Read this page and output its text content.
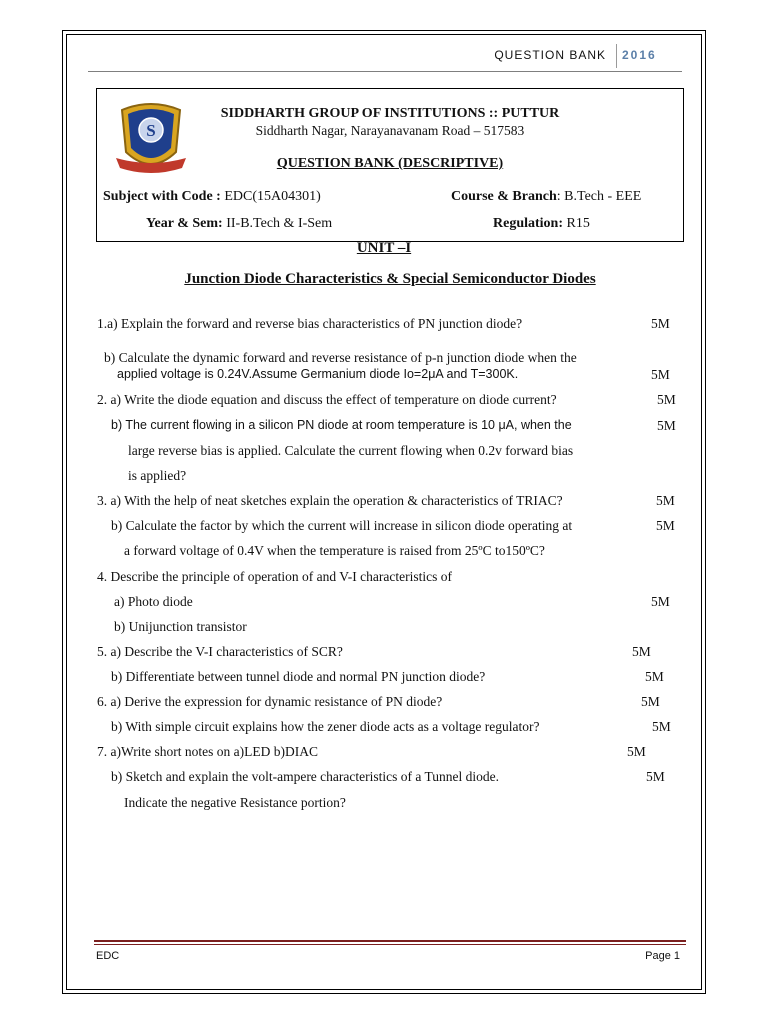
QUESTION BANK 2016
S
SIDDHARTH GROUP OF INSTITUTIONS :: PUTTUR
Siddharth Nagar, Narayanavanam Road – 517583
QUESTION BANK (DESCRIPTIVE)
Subject with Code : EDC(15A04301)	Course & Branch: B.Tech - EEE
Year & Sem: II-B.Tech & I-Sem	Regulation: R15
UNIT –I
Junction Diode Characteristics & Special Semiconductor Diodes
1.a) Explain the forward and reverse bias characteristics of PN junction diode?	5M
b) Calculate the dynamic forward and reverse resistance of p-n junction diode when the
applied voltage is 0.24V.Assume Germanium diode Io=2μA and T=300K.	5M
2. a) Write the diode equation and discuss the effect of temperature on diode current?	5M
b) The current flowing in a silicon PN diode at room temperature is 10 μA, when the	5M
large reverse bias is applied. Calculate the current flowing when 0.2v forward bias
is applied?
3. a) With the help of neat sketches explain the operation & characteristics of TRIAC?	5M
b) Calculate the factor by which the current will increase in silicon diode operating at	5M
a forward voltage of 0.4V when the temperature is raised from 25ºC to150ºC?
4. Describe the principle of operation of and V-I characteristics of
a) Photo diode	5M
b) Unijunction transistor
5. a) Describe the V-I characteristics of SCR?	5M
b) Differentiate between tunnel diode and normal PN junction diode?	5M
6. a) Derive the expression for dynamic resistance of PN diode?	5M
b) With simple circuit explains how the zener diode acts as a voltage regulator?	5M
7. a)Write short notes on a)LED b)DIAC	5M
b) Sketch and explain the volt-ampere characteristics of a Tunnel diode.	5M
Indicate the negative Resistance portion?
EDC	Page 1
